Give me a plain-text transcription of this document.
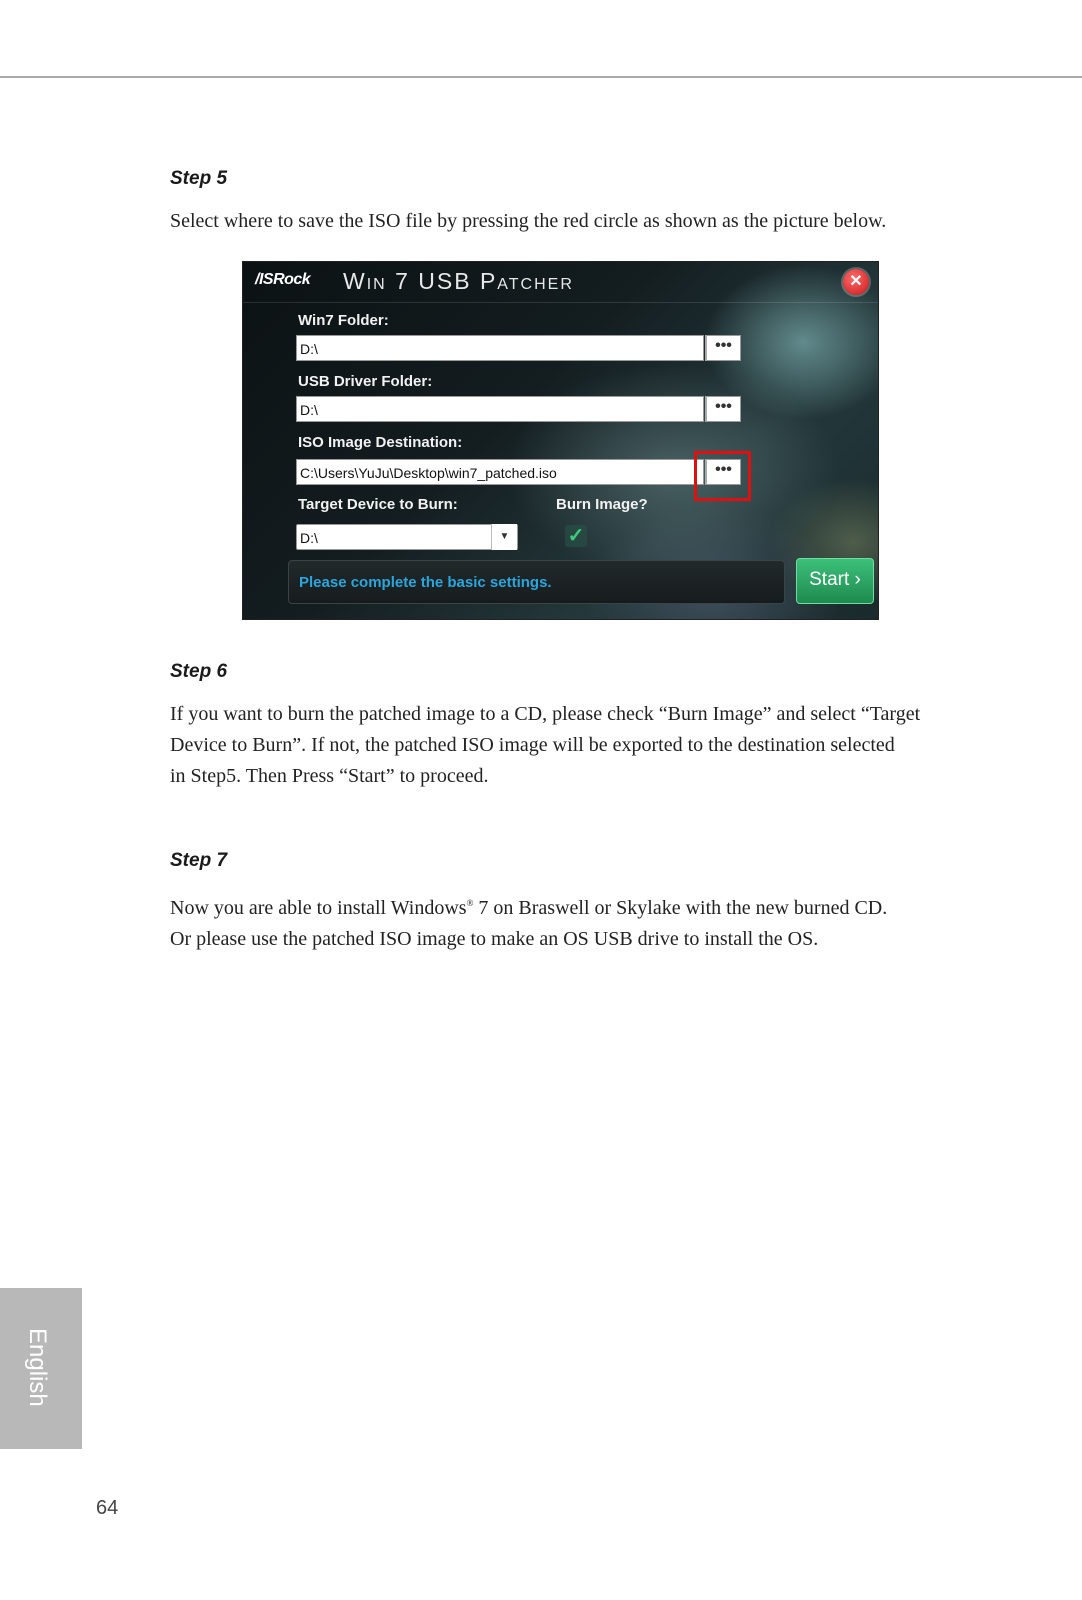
Step 5

Select where to save the ISO file by pressing the red circle as shown as the picture below.

/ISRock Win 7 USB Patcher	✕
Win7 Folder:
D:\	•••
USB Driver Folder:
D:\	•••
ISO Image Destination:
C:\Users\YuJu\Desktop\win7_patched.iso	•••
Target Device to Burn:
D:\	▼
Burn Image?
✓
Please complete the basic settings.	Start ›
Step 6

If you want to burn the patched image to a CD, please check “Burn Image” and select “Target

Device to Burn”. If not, the patched ISO image will be exported to the destination selected

in Step5. Then Press “Start” to proceed.

Step 7

Now you are able to install Windows® 7 on Braswell or Skylake with the new burned CD.

Or please use the patched ISO image to make an OS USB drive to install the OS.

English
64
